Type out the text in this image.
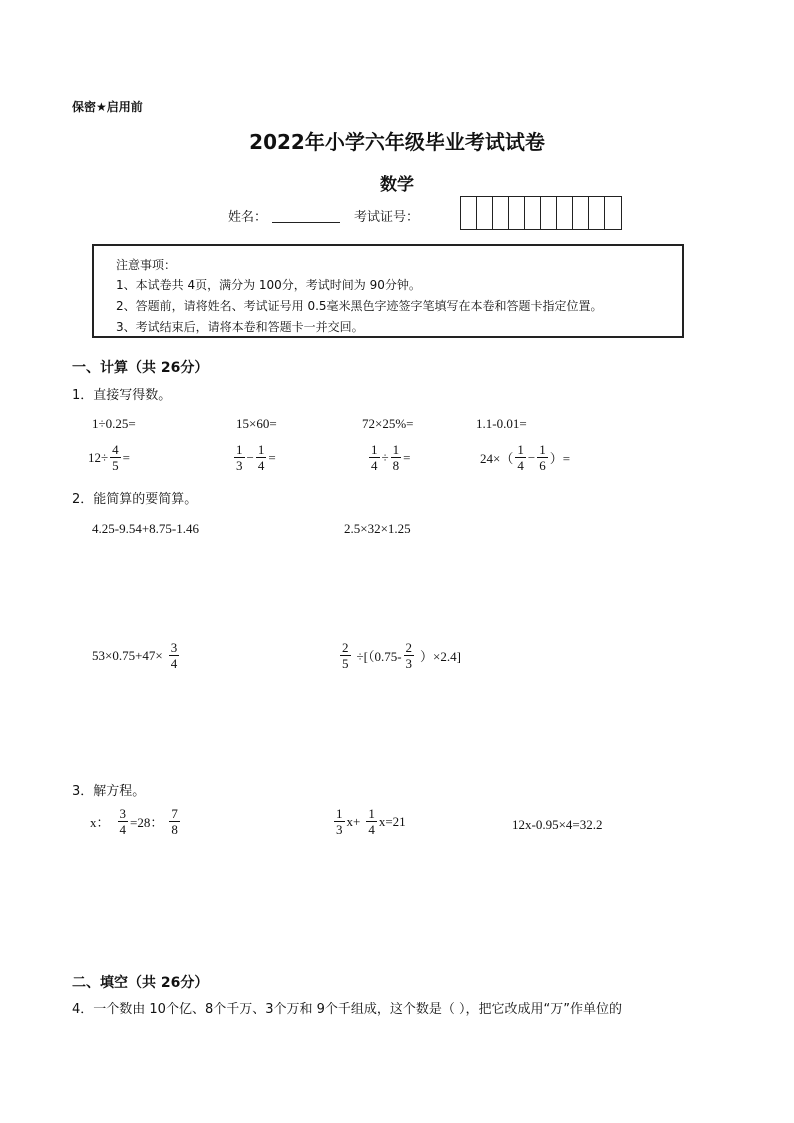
保密★启用前
2022年小学六年级毕业考试试卷
数学
姓名：	考试证号：
注意事项：
1、本试卷共 4页，满分为 100分，考试时间为 90分钟。
2、答题前，请将姓名、考试证号用 0.5毫米黑色字迹签字笔填写在本卷和答题卡指定位置。
3、考试结束后，请将本卷和答题卡一并交回。
一、计算（共 26分）
1．直接写得数。
1÷0.25=	15×60=	72×25%=	1.1-0.01=
$12\div \frac{4}{5}$ =	$\frac{1}{3} - \frac{1}{4}$ =	$\frac{1}{4} \div \frac{1}{8}$ =	$24\times( \frac{1}{4} - \frac{1}{6}$ ）=
2．能简算的要简算。
4.25-9.54+8.75-1.46	2.5×32×1.25
$53\times 0.75+47\times \frac{3}{4}$	$\frac{2}{5} \div[(0.75- \frac{2}{3} )\times 2.4]$
3．解方程。
x： $\frac{3}{4} =28$： $\frac{7}{8}$	$\frac{1}{3} x+ \frac{1}{4} x=21$	12x-0.95×4=32.2
二、填空（共 26分）
4．一个数由 10个亿、8个千万、3个万和 9个千组成，这个数是（ ），把它改成用“万”作单位的
